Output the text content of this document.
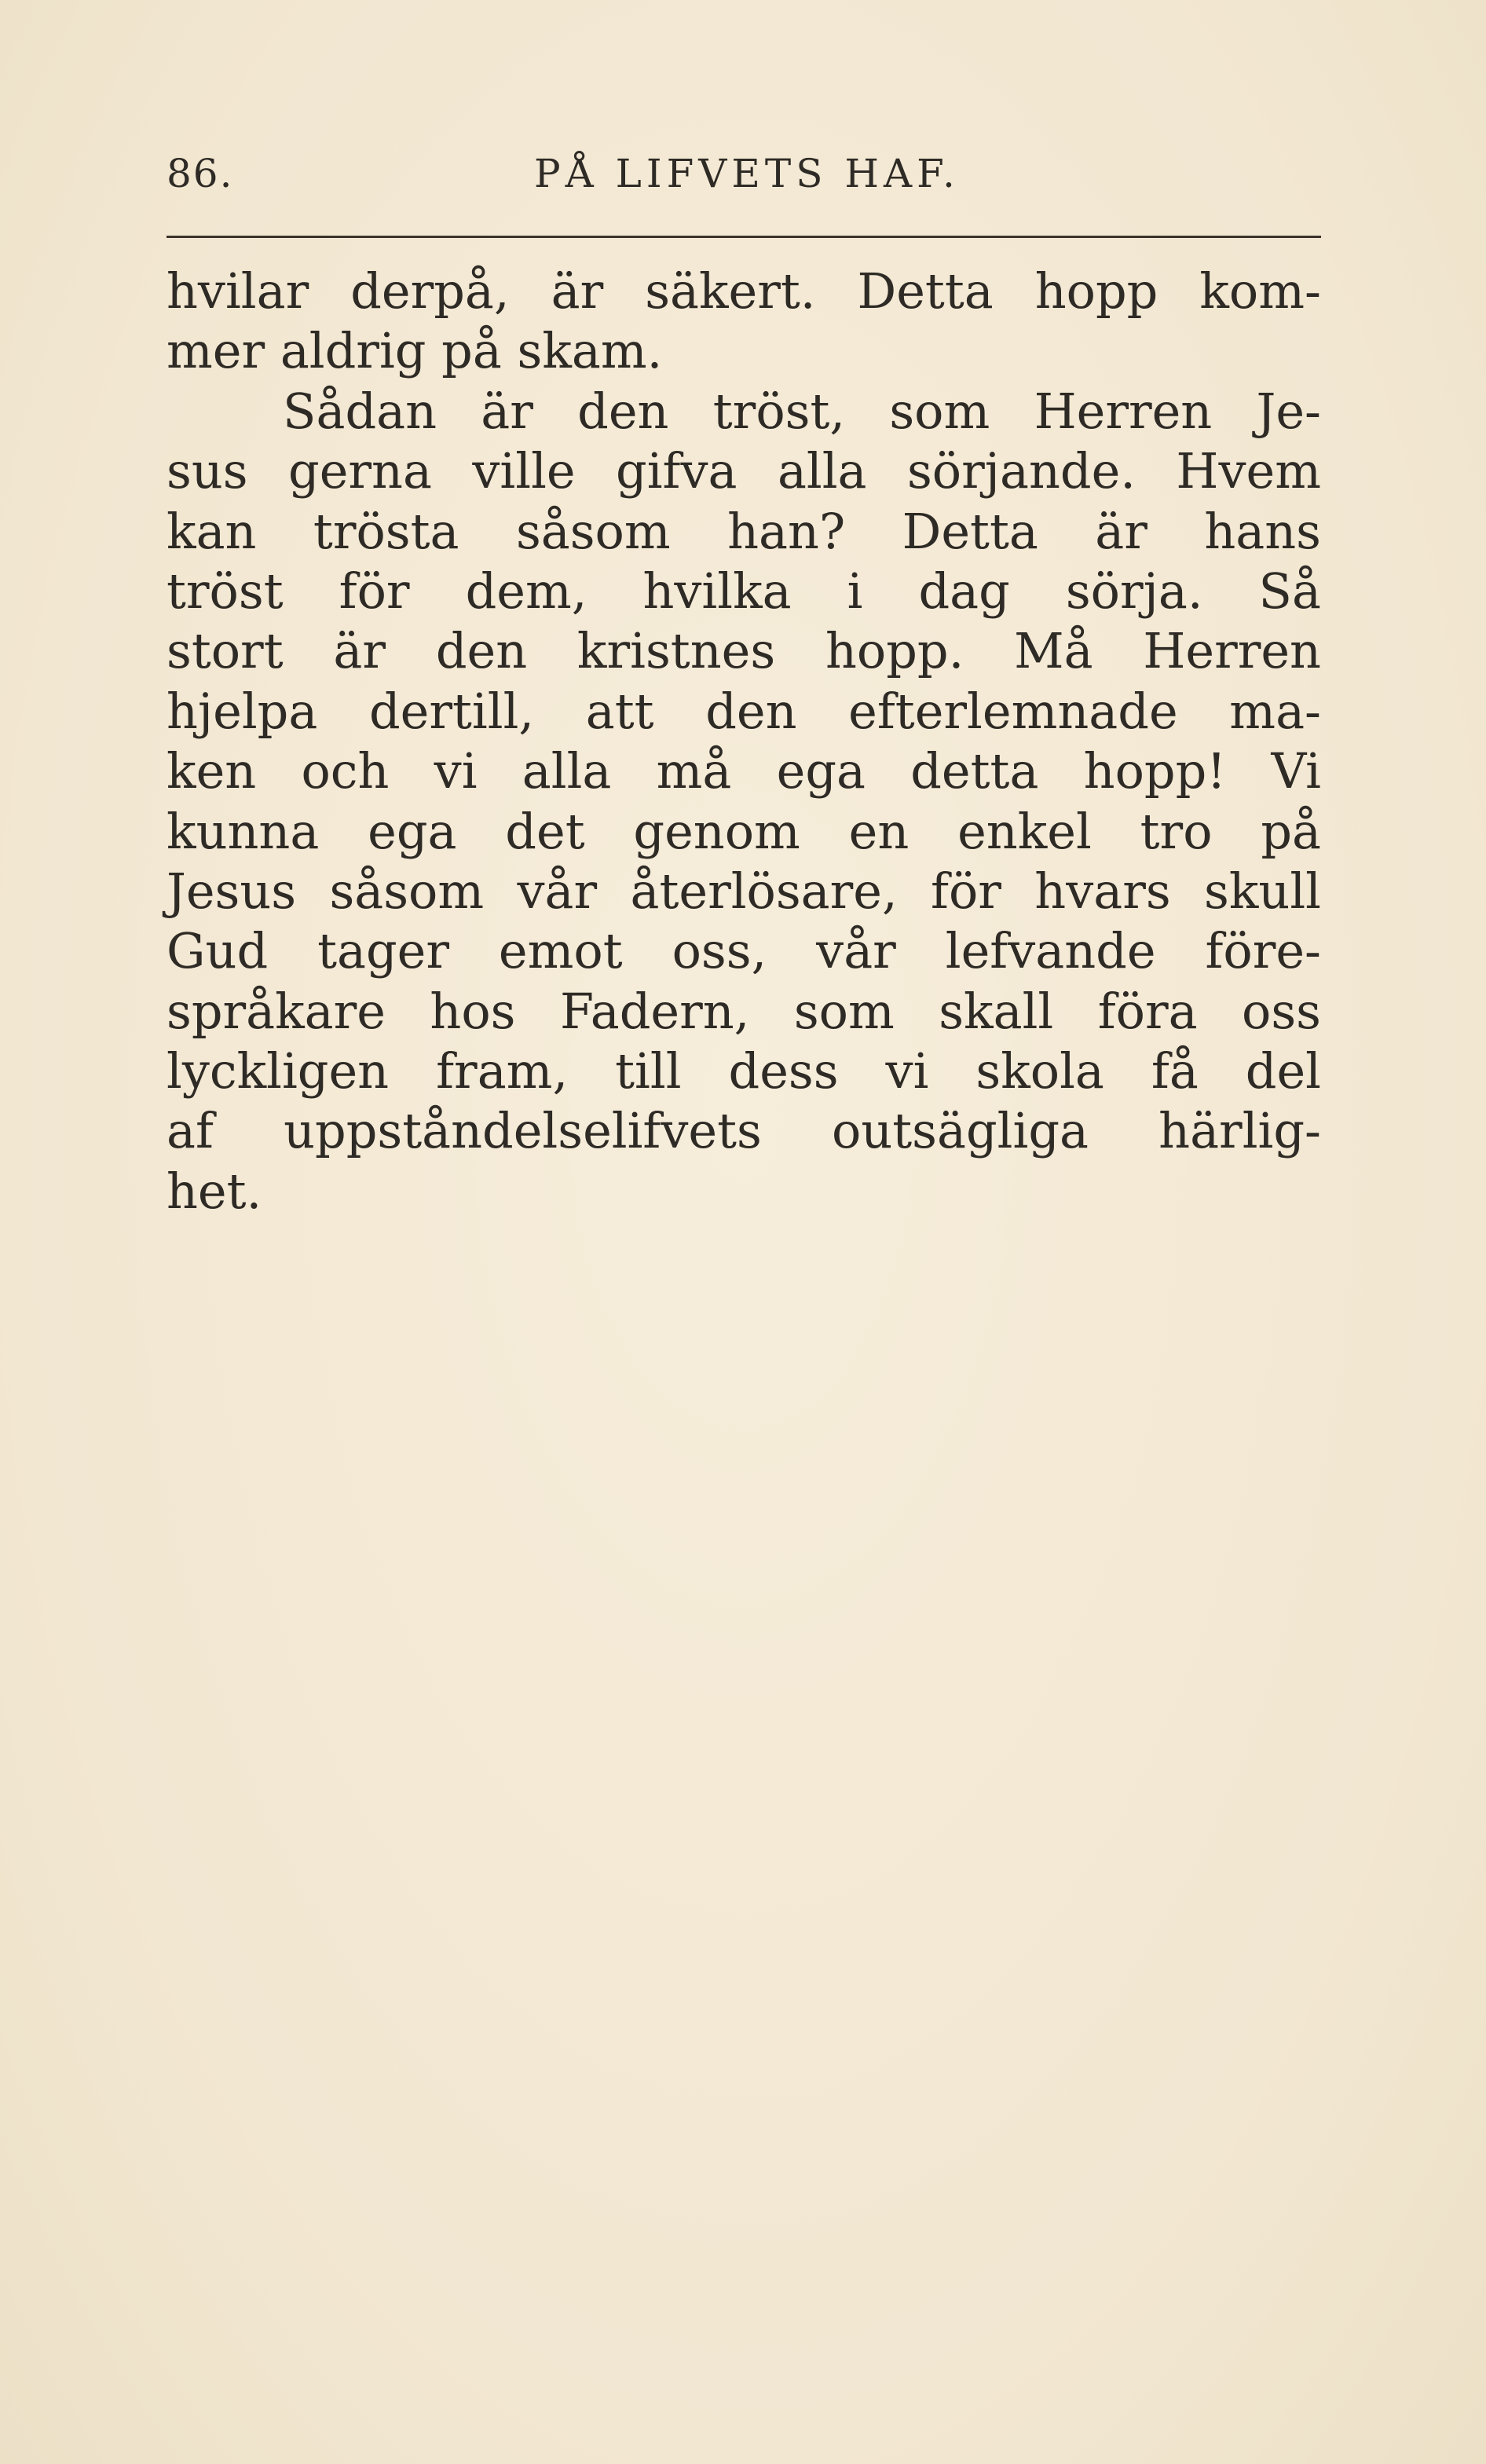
86.	PÅ LIFVETS HAF.
hvilar derpå, är säkert. Detta hopp kom-
mer aldrig på skam.
Sådan är den tröst, som Herren Je-
sus gerna ville gifva alla sörjande. Hvem
kan trösta såsom han? Detta är hans
tröst för dem, hvilka i dag sörja. Så
stort är den kristnes hopp. Må Herren
hjelpa dertill, att den efterlemnade ma-
ken och vi alla må ega detta hopp! Vi
kunna ega det genom en enkel tro på
Jesus såsom vår återlösare, för hvars skull
Gud tager emot oss, vår lefvande före-
språkare hos Fadern, som skall föra oss
lyckligen fram, till dess vi skola få del
af uppståndelselifvets outsägliga härlig-
het.
